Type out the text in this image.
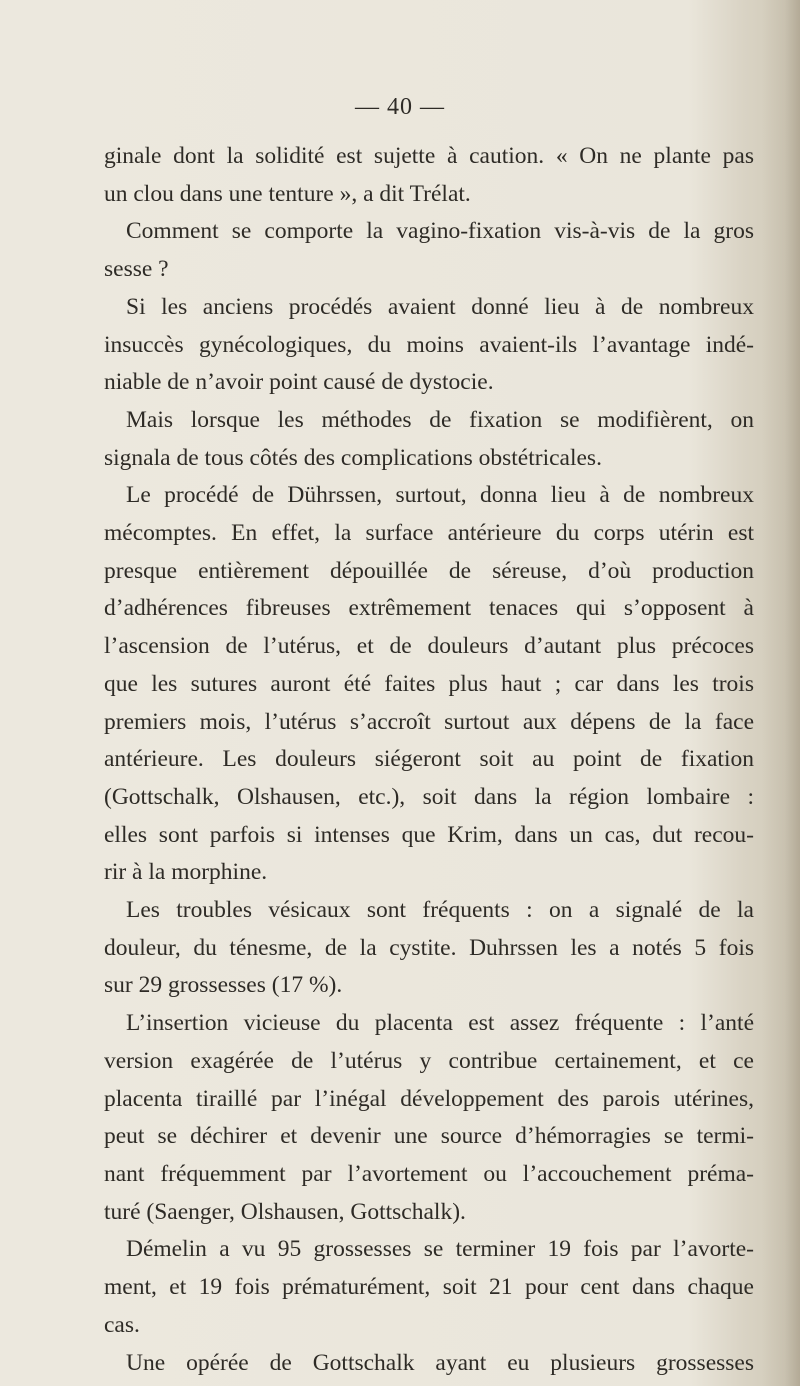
— 40 —
ginale dont la solidité est sujette à caution. « On ne plante pas
un clou dans une tenture », a dit Trélat.
Comment se comporte la vagino-fixation vis-à-vis de la gros
sesse ?
Si les anciens procédés avaient donné lieu à de nombreux
insuccès gynécologiques, du moins avaient-ils l’avantage indé-
niable de n’avoir point causé de dystocie.
Mais lorsque les méthodes de fixation se modifièrent, on
signala de tous côtés des complications obstétricales.
Le procédé de Dührssen, surtout, donna lieu à de nombreux
mécomptes. En effet, la surface antérieure du corps utérin est
presque entièrement dépouillée de séreuse, d’où production
d’adhérences fibreuses extrêmement tenaces qui s’opposent à
l’ascension de l’utérus, et de douleurs d’autant plus précoces
que les sutures auront été faites plus haut ; car dans les trois
premiers mois, l’utérus s’accroît surtout aux dépens de la face
antérieure. Les douleurs siégeront soit au point de fixation
(Gottschalk, Olshausen, etc.), soit dans la région lombaire :
elles sont parfois si intenses que Krim, dans un cas, dut recou-
rir à la morphine.
Les troubles vésicaux sont fréquents : on a signalé de la
douleur, du ténesme, de la cystite. Duhrssen les a notés 5 fois
sur 29 grossesses (17 %).
L’insertion vicieuse du placenta est assez fréquente : l’anté
version exagérée de l’utérus y contribue certainement, et ce
placenta tiraillé par l’inégal développement des parois utérines,
peut se déchirer et devenir une source d’hémorragies se termi-
nant fréquemment par l’avortement ou l’accouchement préma-
turé (Saenger, Olshausen, Gottschalk).
Démelin a vu 95 grossesses se terminer 19 fois par l’avorte-
ment, et 19 fois prématurément, soit 21 pour cent dans chaque
cas.
Une opérée de Gottschalk ayant eu plusieurs grossesses
